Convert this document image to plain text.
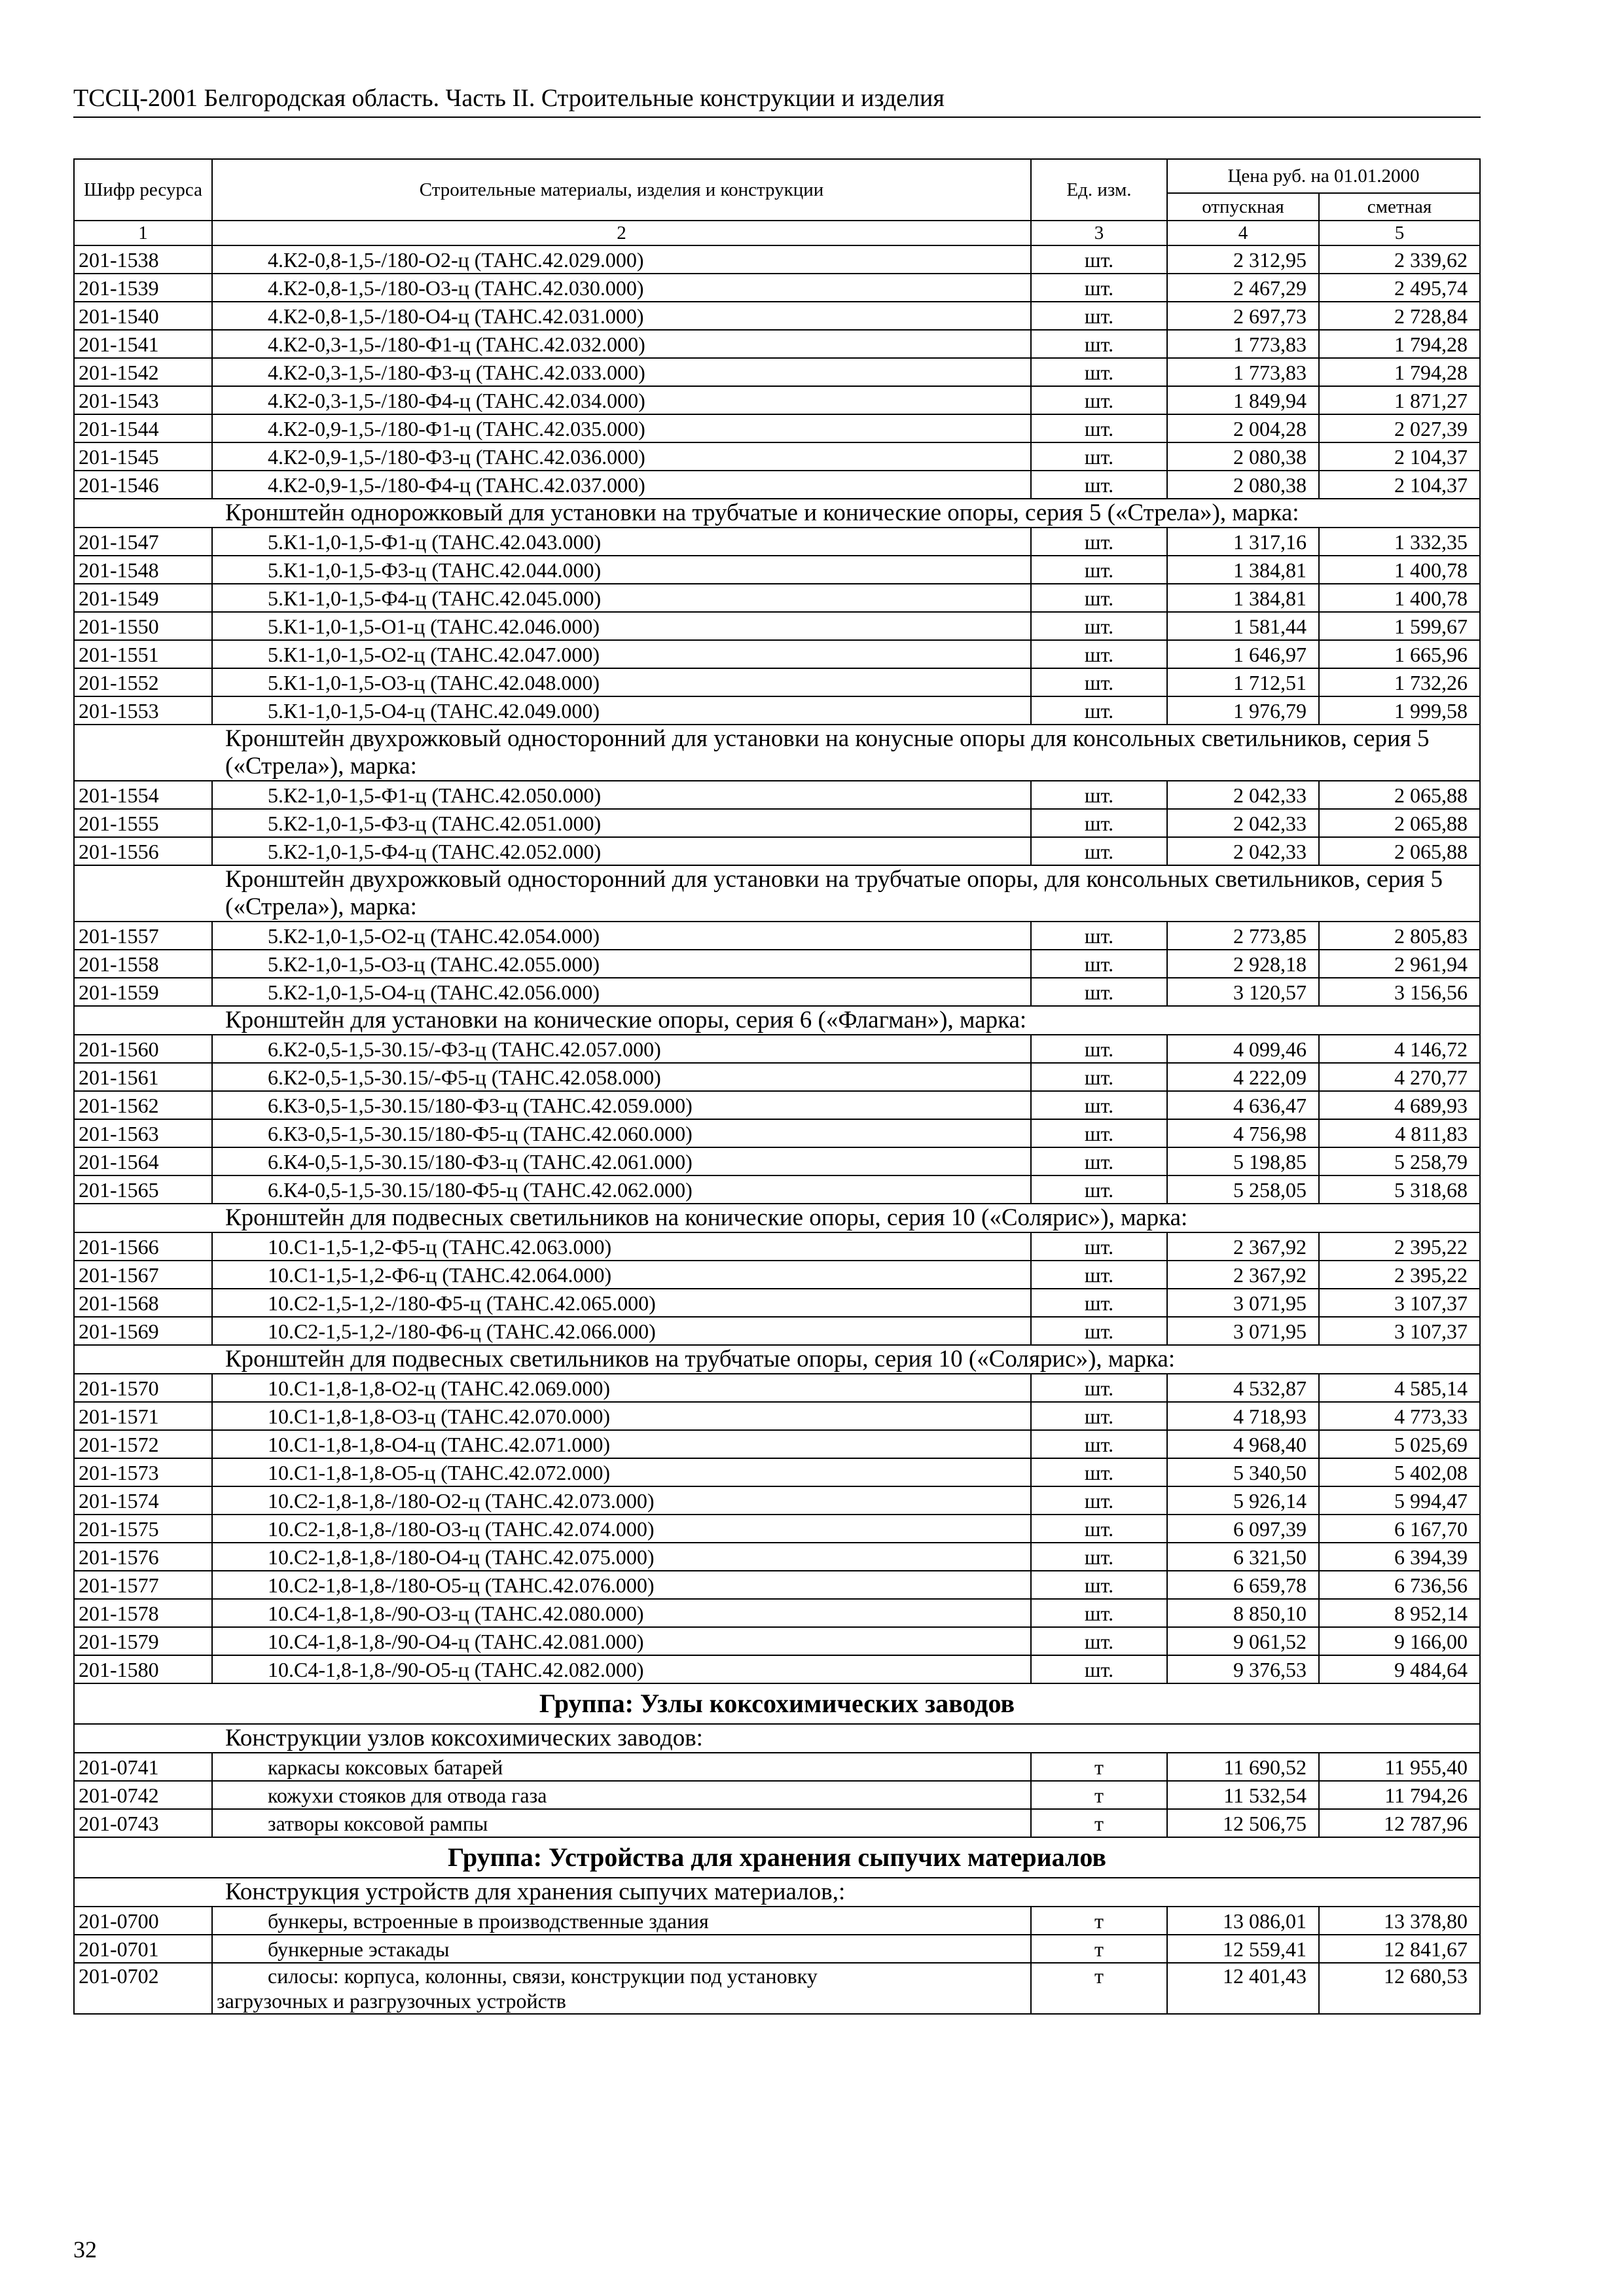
ТССЦ-2001 Белгородская область. Часть II. Строительные конструкции и изделия
Шифр ресурса	Строительные материалы, изделия и конструкции	Ед. изм.	Цена руб. на 01.01.2000	
			отпускная	сметная
1	2	3	4	5
201-1538	4.К2-0,8-1,5-/180-О2-ц (ТАНС.42.029.000)	шт.	2 312,95	2 339,62
201-1539	4.К2-0,8-1,5-/180-О3-ц (ТАНС.42.030.000)	шт.	2 467,29	2 495,74
201-1540	4.К2-0,8-1,5-/180-О4-ц (ТАНС.42.031.000)	шт.	2 697,73	2 728,84
201-1541	4.К2-0,3-1,5-/180-Ф1-ц (ТАНС.42.032.000)	шт.	1 773,83	1 794,28
201-1542	4.К2-0,3-1,5-/180-Ф3-ц (ТАНС.42.033.000)	шт.	1 773,83	1 794,28
201-1543	4.К2-0,3-1,5-/180-Ф4-ц (ТАНС.42.034.000)	шт.	1 849,94	1 871,27
201-1544	4.К2-0,9-1,5-/180-Ф1-ц (ТАНС.42.035.000)	шт.	2 004,28	2 027,39
201-1545	4.К2-0,9-1,5-/180-Ф3-ц (ТАНС.42.036.000)	шт.	2 080,38	2 104,37
201-1546	4.К2-0,9-1,5-/180-Ф4-ц (ТАНС.42.037.000)	шт.	2 080,38	2 104,37
Кронштейн однорожковый для установки на трубчатые и конические опоры, серия 5 («Стрела»), марка:				
201-1547	5.К1-1,0-1,5-Ф1-ц (ТАНС.42.043.000)	шт.	1 317,16	1 332,35
201-1548	5.К1-1,0-1,5-Ф3-ц (ТАНС.42.044.000)	шт.	1 384,81	1 400,78
201-1549	5.К1-1,0-1,5-Ф4-ц (ТАНС.42.045.000)	шт.	1 384,81	1 400,78
201-1550	5.К1-1,0-1,5-О1-ц (ТАНС.42.046.000)	шт.	1 581,44	1 599,67
201-1551	5.К1-1,0-1,5-О2-ц (ТАНС.42.047.000)	шт.	1 646,97	1 665,96
201-1552	5.К1-1,0-1,5-О3-ц (ТАНС.42.048.000)	шт.	1 712,51	1 732,26
201-1553	5.К1-1,0-1,5-О4-ц (ТАНС.42.049.000)	шт.	1 976,79	1 999,58
Кронштейн двухрожковый односторонний для установки на конусные опоры для консольных светильников, серия 5 («Стрела»), марка:				
201-1554	5.К2-1,0-1,5-Ф1-ц (ТАНС.42.050.000)	шт.	2 042,33	2 065,88
201-1555	5.К2-1,0-1,5-Ф3-ц (ТАНС.42.051.000)	шт.	2 042,33	2 065,88
201-1556	5.К2-1,0-1,5-Ф4-ц (ТАНС.42.052.000)	шт.	2 042,33	2 065,88
Кронштейн двухрожковый односторонний для установки на трубчатые опоры, для консольных светильников, серия 5 («Стрела»), марка:				
201-1557	5.К2-1,0-1,5-О2-ц (ТАНС.42.054.000)	шт.	2 773,85	2 805,83
201-1558	5.К2-1,0-1,5-О3-ц (ТАНС.42.055.000)	шт.	2 928,18	2 961,94
201-1559	5.К2-1,0-1,5-О4-ц (ТАНС.42.056.000)	шт.	3 120,57	3 156,56
Кронштейн для установки на конические опоры, серия 6 («Флагман»), марка:				
201-1560	6.К2-0,5-1,5-30.15/-Ф3-ц (ТАНС.42.057.000)	шт.	4 099,46	4 146,72
201-1561	6.К2-0,5-1,5-30.15/-Ф5-ц (ТАНС.42.058.000)	шт.	4 222,09	4 270,77
201-1562	6.К3-0,5-1,5-30.15/180-Ф3-ц (ТАНС.42.059.000)	шт.	4 636,47	4 689,93
201-1563	6.К3-0,5-1,5-30.15/180-Ф5-ц (ТАНС.42.060.000)	шт.	4 756,98	4 811,83
201-1564	6.К4-0,5-1,5-30.15/180-Ф3-ц (ТАНС.42.061.000)	шт.	5 198,85	5 258,79
201-1565	6.К4-0,5-1,5-30.15/180-Ф5-ц (ТАНС.42.062.000)	шт.	5 258,05	5 318,68
Кронштейн для подвесных светильников на конические опоры, серия 10 («Солярис»), марка:				
201-1566	10.С1-1,5-1,2-Ф5-ц (ТАНС.42.063.000)	шт.	2 367,92	2 395,22
201-1567	10.С1-1,5-1,2-Ф6-ц (ТАНС.42.064.000)	шт.	2 367,92	2 395,22
201-1568	10.С2-1,5-1,2-/180-Ф5-ц (ТАНС.42.065.000)	шт.	3 071,95	3 107,37
201-1569	10.С2-1,5-1,2-/180-Ф6-ц (ТАНС.42.066.000)	шт.	3 071,95	3 107,37
Кронштейн для подвесных светильников на трубчатые опоры, серия 10 («Солярис»), марка:				
201-1570	10.С1-1,8-1,8-О2-ц (ТАНС.42.069.000)	шт.	4 532,87	4 585,14
201-1571	10.С1-1,8-1,8-О3-ц (ТАНС.42.070.000)	шт.	4 718,93	4 773,33
201-1572	10.С1-1,8-1,8-О4-ц (ТАНС.42.071.000)	шт.	4 968,40	5 025,69
201-1573	10.С1-1,8-1,8-О5-ц (ТАНС.42.072.000)	шт.	5 340,50	5 402,08
201-1574	10.С2-1,8-1,8-/180-О2-ц (ТАНС.42.073.000)	шт.	5 926,14	5 994,47
201-1575	10.С2-1,8-1,8-/180-О3-ц (ТАНС.42.074.000)	шт.	6 097,39	6 167,70
201-1576	10.С2-1,8-1,8-/180-О4-ц (ТАНС.42.075.000)	шт.	6 321,50	6 394,39
201-1577	10.С2-1,8-1,8-/180-О5-ц (ТАНС.42.076.000)	шт.	6 659,78	6 736,56
201-1578	10.С4-1,8-1,8-/90-О3-ц (ТАНС.42.080.000)	шт.	8 850,10	8 952,14
201-1579	10.С4-1,8-1,8-/90-О4-ц (ТАНС.42.081.000)	шт.	9 061,52	9 166,00
201-1580	10.С4-1,8-1,8-/90-О5-ц (ТАНС.42.082.000)	шт.	9 376,53	9 484,64
Группа: Узлы коксохимических заводов				
Конструкции узлов коксохимических заводов:				
201-0741	каркасы коксовых батарей	т	11 690,52	11 955,40
201-0742	кожухи стояков для отвода газа	т	11 532,54	11 794,26
201-0743	затворы коксовой рампы	т	12 506,75	12 787,96
Группа: Устройства для хранения сыпучих материалов				
Конструкция устройств для хранения сыпучих материалов,:				
201-0700	бункеры, встроенные в производственные здания	т	13 086,01	13 378,80
201-0701	бункерные эстакады	т	12 559,41	12 841,67
201-0702	силосы: корпуса, колонны, связи, конструкции под установку
загрузочных и разгрузочных устройств	т	12 401,43	12 680,53
32
